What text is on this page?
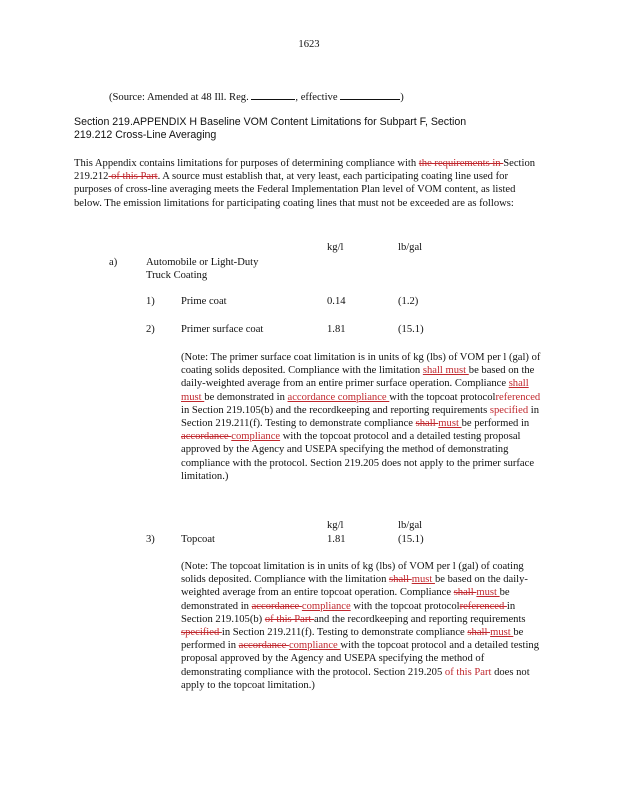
1623
(Source: Amended at 48 Ill. Reg.	, effective	)
Section 219.APPENDIX H Baseline VOM Content Limitations for Subpart F, Section
219.212 Cross-Line Averaging
This Appendix contains limitations for purposes of determining compliance with the requirements in Section 219.212 of this Part. A source must establish that, at very least, each participating coating line used for purposes of cross-line averaging meets the Federal Implementation Plan level of VOM content, as listed below. The emission limitations for participating coating lines that must not be exceeded are as follows:
kg/l	lb/gal
a)	Automobile or Light-Duty
Truck Coating
1) Prime coat	0.14	(1.2)
2) Primer surface coat	1.81	(15.1)
(Note: The primer surface coat limitation is in units of kg (lbs) of VOM per l (gal) of coating solids deposited. Compliance with the limitation shall must be based on the daily-weighted average from an entire primer surface operation. Compliance shall must be demonstrated in accordance compliance with the topcoat protocolreferenced in Section 219.105(b) and the recordkeeping and reporting requirements specified in Section 219.211(f). Testing to demonstrate compliance shall must be performed in accordance compliance with the topcoat protocol and a detailed testing proposal approved by the Agency and USEPA specifying the method of demonstrating compliance with the protocol. Section 219.205 does not apply to the primer surface limitation.)
kg/l	lb/gal
3) Topcoat	1.81	(15.1)
(Note: The topcoat limitation is in units of kg (lbs) of VOM per l (gal) of coating solids deposited. Compliance with the limitation shall must be based on the daily-weighted average from an entire topcoat operation. Compliance shall must be demonstrated in accordance compliance with the topcoat protocolreferenced in Section 219.105(b) of this Part and the recordkeeping and reporting requirements specified in Section 219.211(f). Testing to demonstrate compliance shall must be performed in accordance compliance with the topcoat protocol and a detailed testing proposal approved by the Agency and USEPA specifying the method of demonstrating compliance with the protocol. Section 219.205 of this Part does not apply to the topcoat limitation.)
